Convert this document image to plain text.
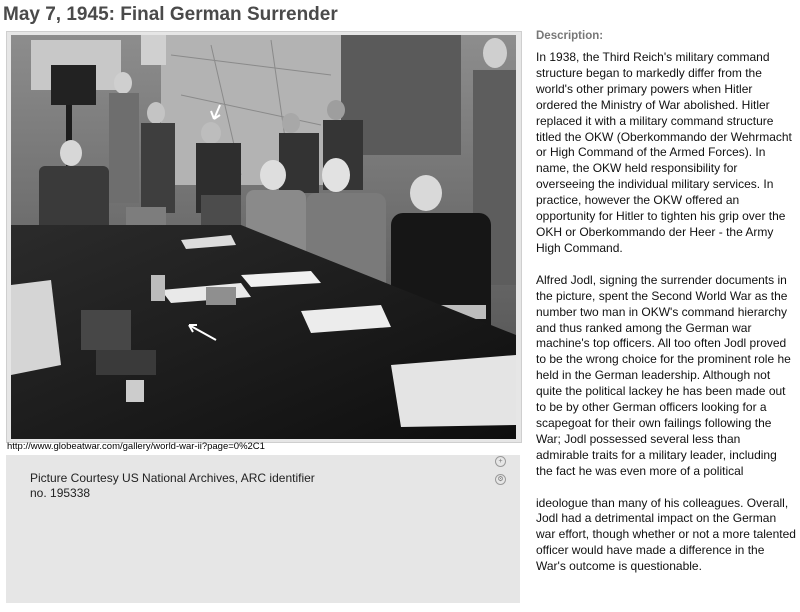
May 7, 1945: Final German Surrender
http://www.globeatwar.com/gallery/world-war-ii?page=0%2C1
+⚙
Picture Courtesy US National Archives, ARC identifier no. 195338
Description:

In 1938, the Third Reich's military command structure began to markedly differ from the world's other primary powers when Hitler ordered the Ministry of War abolished. Hitler replaced it with a military command structure titled the OKW (Oberkommando der Wehrmacht or High Command of the Armed Forces). In name, the OKW held responsibility for overseeing the individual military services. In practice, however the OKW offered an opportunity for Hitler to tighten his grip over the OKH or Oberkommando der Heer - the Army High Command.

Alfred Jodl, signing the surrender documents in the picture, spent the Second World War as the number two man in OKW's command hierarchy and thus ranked among the German war machine's top officers. All too often Jodl proved to be the wrong choice for the prominent role he held in the German leadership. Although not quite the political lackey he has been made out to be by other German officers looking for a scapegoat for their own failings following the War; Jodl possessed several less than admirable traits for a military leader, including the fact he was even more of a political

ideologue than many of his colleagues. Overall, Jodl had a detrimental impact on the German war effort, though whether or not a more talented officer would have made a difference in the War's outcome is questionable.
